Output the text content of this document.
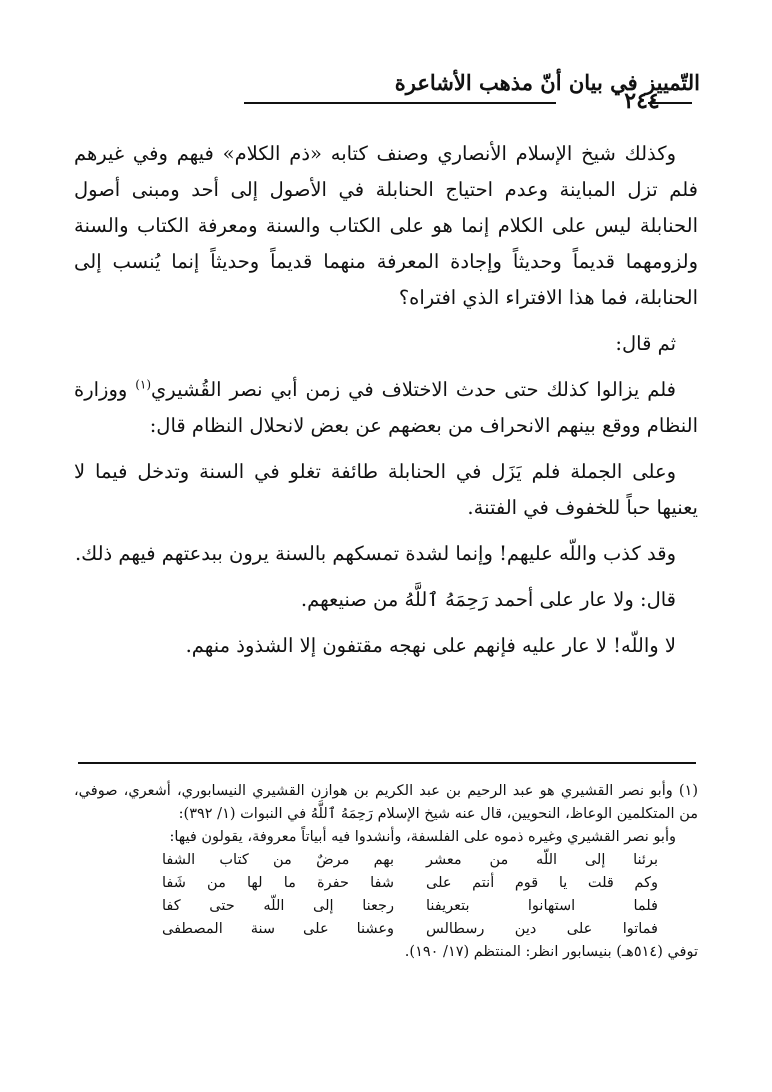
التّمييز في بيان أنّ مذهب الأشاعرة
٢٤٤

وكذلك شيخ الإسلام الأنصاري وصنف كتابه «ذم الكلام» فيهم وفي غيرهم فلم تزل المباينة وعدم احتياج الحنابلة في الأصول إلى أحد ومبنى أصول الحنابلة ليس على الكلام إنما هو على الكتاب والسنة ومعرفة الكتاب والسنة ولزومهما قديماً وحديثاً وإجادة المعرفة منهما قديماً وحديثاً إنما يُنسب إلى الحنابلة، فما هذا الافتراء الذي افتراه؟

ثم قال:

فلم يزالوا كذلك حتى حدث الاختلاف في زمن أبي نصر القُشيري$^{(١)}$ ووزارة النظام ووقع بينهم الانحراف من بعضهم عن بعض لانحلال النظام قال:

وعلى الجملة فلم يَزَل في الحنابلة طائفة تغلو في السنة وتدخل فيما لا يعنيها حباً للخفوف في الفتنة.

وقد كذب واللّه عليهم! وإنما لشدة تمسكهم بالسنة يرون ببدعتهم فيهم ذلك.

قال: ولا عار على أحمد رَحِمَهُ ٱللَّهُ من صنيعهم.

لا واللّه! لا عار عليه فإنهم على نهجه مقتفون إلا الشذوذ منهم.

(١) وأبو نصر القشيري هو عبد الرحيم بن عبد الكريم بن هوازن القشيري النيسابوري، أشعري، صوفي، من المتكلمين الوعاظ، النحويين، قال عنه شيخ الإسلام رَحِمَهُ ٱللَّهُ في النبوات (١/ ٣٩٢):

وأبو نصر القشيري وغيره ذموه على الفلسفة، وأنشدوا فيه أبياتاً معروفة، يقولون فيها:

برئنا إلى اللّه من معشر
بهم مرضٌ من كتاب الشفا
وكم قلت يا قوم أنتم على
شفا حفرة ما لها من شَفا
فلما استهانوا بتعريفنا
رجعنا إلى اللّه حتى كفا
فماتوا على دين رسطالس
وعشنا على سنة المصطفى

توفي (٥١٤هـ) بنيسابور انظر: المنتظم (١٧/ ١٩٠).
